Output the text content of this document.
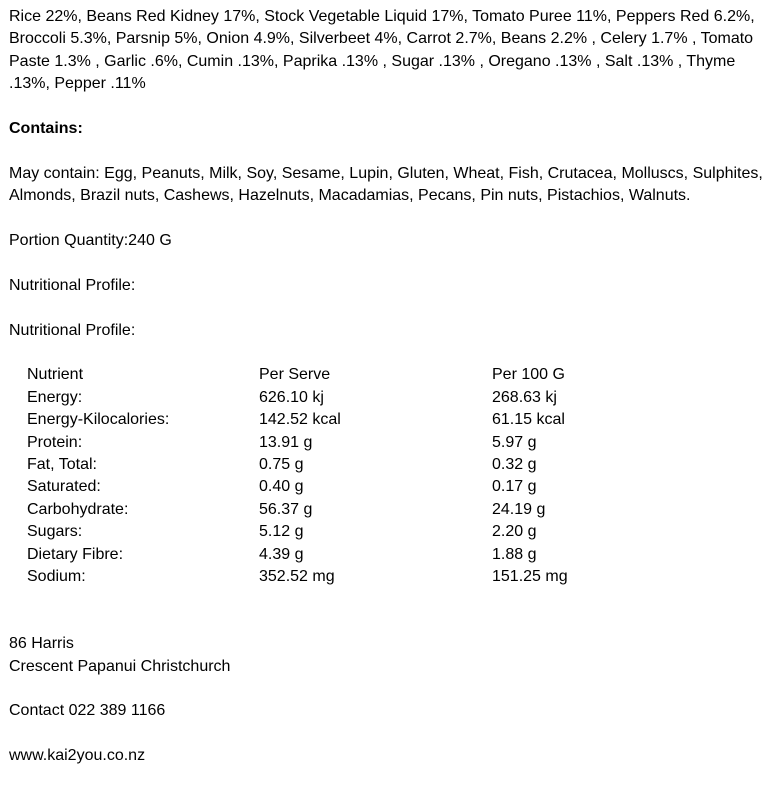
Rice 22%, Beans Red Kidney 17%, Stock Vegetable Liquid 17%, Tomato Puree 11%, Peppers Red 6.2%, Broccoli 5.3%, Parsnip 5%, Onion 4.9%, Silverbeet 4%, Carrot 2.7%, Beans 2.2% , Celery 1.7% , Tomato Paste 1.3% , Garlic .6%, Cumin .13%, Paprika .13% , Sugar .13% , Oregano .13% , Salt .13% , Thyme .13%, Pepper .11%

Contains:

May contain: Egg, Peanuts, Milk, Soy, Sesame, Lupin, Gluten, Wheat, Fish, Crutacea, Molluscs, Sulphites, Almonds, Brazil nuts, Cashews, Hazelnuts, Macadamias, Pecans, Pin nuts, Pistachios, Walnuts.

Portion Quantity:240 G

Nutritional Profile:

Nutritional Profile:

Nutrient	Per Serve	Per 100 G
Energy:	626.10 kj	268.63 kj
Energy-Kilocalories:	142.52 kcal	61.15 kcal
Protein:	13.91 g	5.97 g
Fat, Total:	0.75 g	0.32 g
Saturated:	0.40 g	0.17 g
Carbohydrate:	56.37 g	24.19 g
Sugars:	5.12 g	2.20 g
Dietary Fibre:	4.39 g	1.88 g
Sodium:	352.52 mg	151.25 mg

86 Harris

Crescent Papanui Christchurch

Contact 022 389 1166

www.kai2you.co.nz
